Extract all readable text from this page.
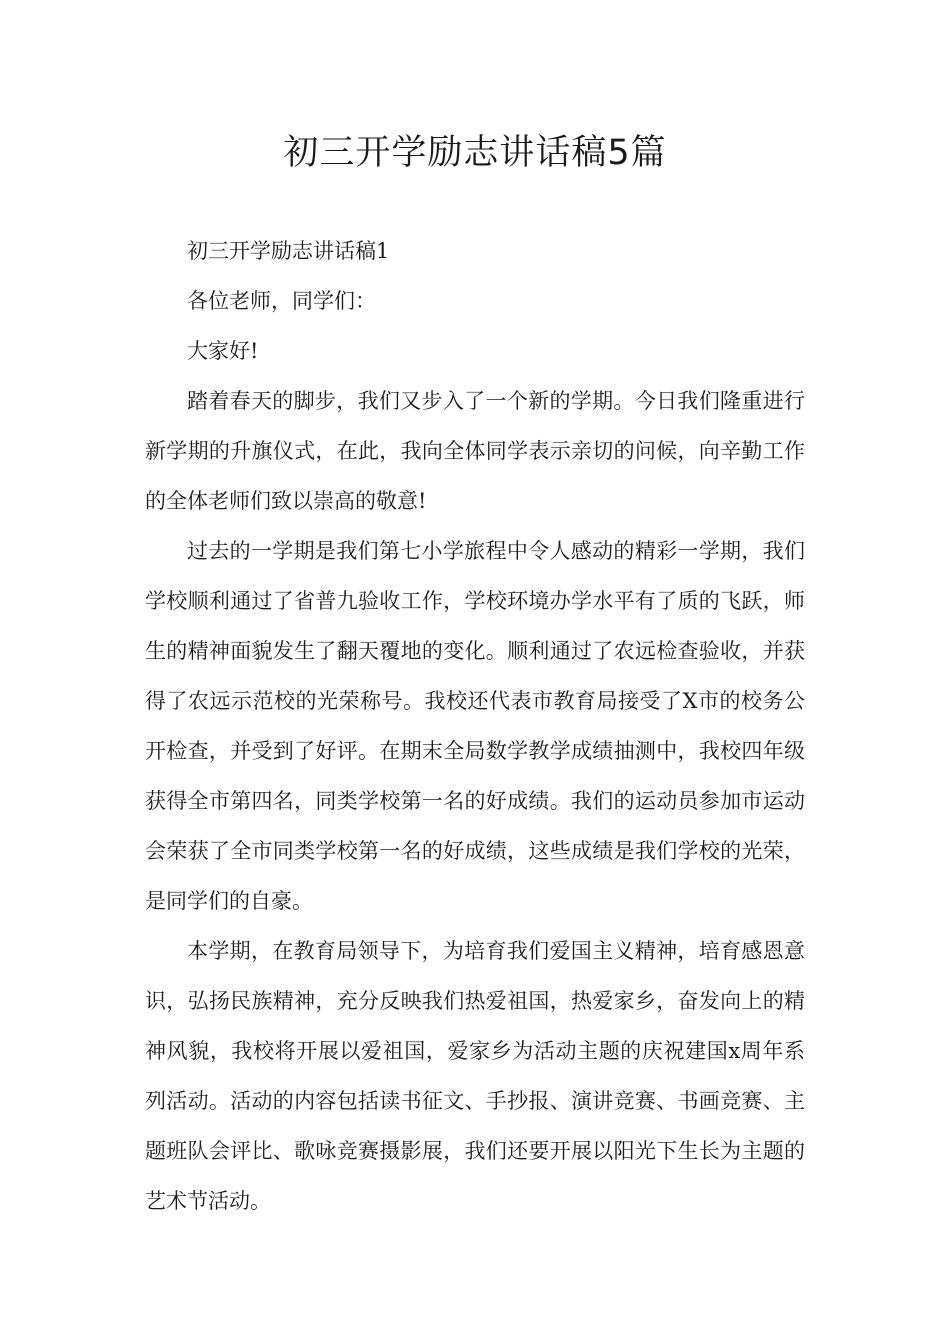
初三开学励志讲话稿5篇

初三开学励志讲话稿1

各位老师，同学们：

大家好!

踏着春天的脚步，我们又步入了一个新的学期。今日我们隆重进行新学期的升旗仪式，在此，我向全体同学表示亲切的问候，向辛勤工作的全体老师们致以崇高的敬意!

过去的一学期是我们第七小学旅程中令人感动的精彩一学期，我们学校顺利通过了省普九验收工作，学校环境办学水平有了质的飞跃，师生的精神面貌发生了翻天覆地的变化。顺利通过了农远检查验收，并获得了农远示范校的光荣称号。我校还代表市教育局接受了X市的校务公开检查，并受到了好评。在期末全局数学教学成绩抽测中，我校四年级获得全市第四名，同类学校第一名的好成绩。我们的运动员参加市运动会荣获了全市同类学校第一名的好成绩，这些成绩是我们学校的光荣，是同学们的自豪。

本学期，在教育局领导下，为培育我们爱国主义精神，培育感恩意识，弘扬民族精神，充分反映我们热爱祖国，热爱家乡，奋发向上的精神风貌，我校将开展以爱祖国，爱家乡为活动主题的庆祝建国x周年系列活动。活动的内容包括读书征文、手抄报、演讲竞赛、书画竞赛、主题班队会评比、歌咏竞赛摄影展，我们还要开展以阳光下生长为主题的艺术节活动。
